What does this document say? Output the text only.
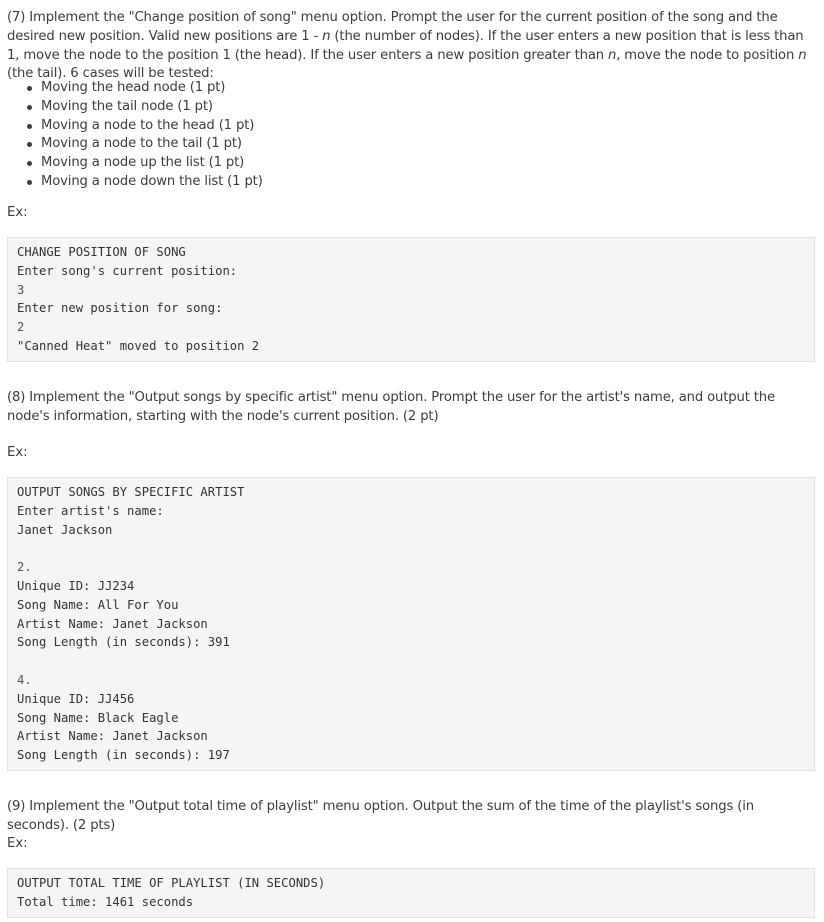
(7) Implement the "Change position of song" menu option. Prompt the user for the current position of the song and the desired new position. Valid new positions are 1 - n (the number of nodes). If the user enters a new position that is less than 1, move the node to the position 1 (the head). If the user enters a new position greater than n, move the node to position n (the tail). 6 cases will be tested:
Moving the head node (1 pt)
Moving the tail node (1 pt)
Moving a node to the head (1 pt)
Moving a node to the tail (1 pt)
Moving a node up the list (1 pt)
Moving a node down the list (1 pt)
Ex:
CHANGE POSITION OF SONG
Enter song's current position:
3
Enter new position for song:
2
"Canned Heat" moved to position 2
(8) Implement the "Output songs by specific artist" menu option. Prompt the user for the artist's name, and output the node's information, starting with the node's current position. (2 pt)
Ex:
OUTPUT SONGS BY SPECIFIC ARTIST
Enter artist's name:
Janet Jackson
2.
Unique ID: JJ234
Song Name: All For You
Artist Name: Janet Jackson
Song Length (in seconds): 391
4.
Unique ID: JJ456
Song Name: Black Eagle
Artist Name: Janet Jackson
Song Length (in seconds): 197
(9) Implement the "Output total time of playlist" menu option. Output the sum of the time of the playlist's songs (in seconds). (2 pts)
Ex:
OUTPUT TOTAL TIME OF PLAYLIST (IN SECONDS)
Total time: 1461 seconds
